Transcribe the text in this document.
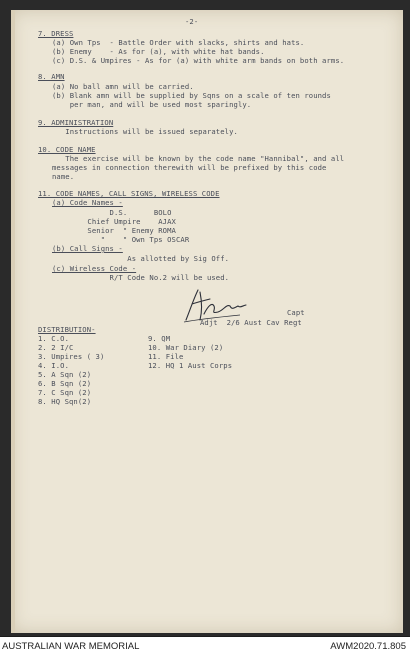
-2-
7. DRESS
(a) Own Tps  - Battle Order with slacks, shirts and hats.
(b) Enemy    - As for (a), with white hat bands.
(c) D.S. & Umpires - As for (a) with white arm bands on both arms.
8. AMN
(a) No ball amn will be carried.
(b) Blank amn will be supplied by Sqns on a scale of ten rounds
per man, and will be used most sparingly.
9. ADMINISTRATION
Instructions will be issued separately.
10. CODE NAME
The exercise will be known by the code name "Hannibal", and all
messages in connection therewith will be prefixed by this code
name.
11. CODE NAMES, CALL SIGNS, WIRELESS CODE
(a) Code Names -
D.S.      BOLO
Chief Umpire    AJAX
Senior  " Enemy ROMA
"    " Own Tps OSCAR
(b) Call Signs -
As allotted by Sig Off.
(c) Wireless Code -
R/T Code No.2 will be used.
Capt
Adjt  2/6 Aust Cav Regt
DISTRIBUTION-
1. C.O.
2. 2 I/C
3. Umpires ( 3)
4. I.O.
5. A Sqn (2)
6. B Sqn (2)
7. C Sqn (2)
8. HQ Sqn(2)
9. QM
10. War Diary (2)
11. File
12. HQ 1 Aust Corps
AUSTRALIAN WAR MEMORIAL	AWM2020.71.805
